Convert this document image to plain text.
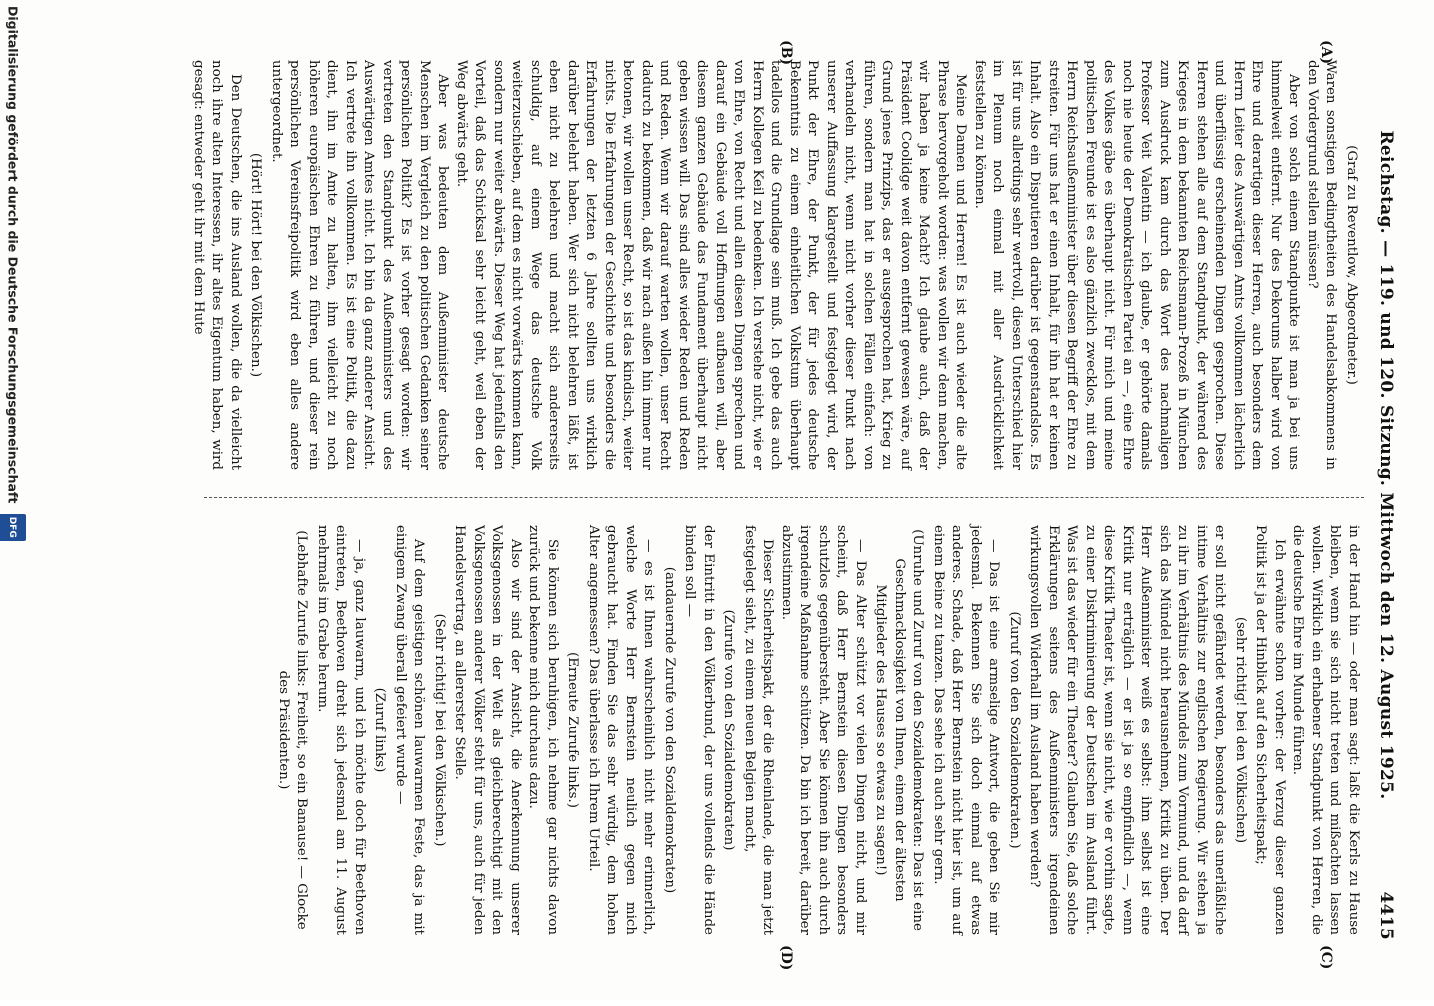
Reichstag. — 119. und 120. Sitzung. Mittwoch den 12. August 1925.
4415
(A)
(B)
(C)
(D)

(Graf zu Reventlow, Abgeordneter.)

Waren sonstigen Bedingtheiten des Handelsabkommens in den Vordergrund stellen müssen?

Aber von solch einem Standpunkte ist man ja bei uns himmelweit entfernt. Nur des Dekorums halber wird von Ehre und derartigen dieser Herren, auch besonders dem Herrn Leiter des Auswärtigen Amts vollkommen lächerlich und überflüssig erscheinenden Dingen gesprochen. Diese Herren stehen alle auf dem Standpunkt, der während des Krieges in dem bekannten Reichsmann-Prozeß in München zum Ausdruck kam durch das Wort des nachmaligen Professor Veit Valentin — ich glaube, er gehörte damals noch nie heute der Demokratischen Partei an —, eine Ehre des Volkes gäbe es überhaupt nicht. Für mich und meine politischen Freunde ist es also gänzlich zwecklos, mit dem Herrn Reichsaußenminister über diesen Begriff der Ehre zu streiten. Für uns hat er einen Inhalt, für ihn hat er keinen Inhalt. Also ein Disputieren darüber ist gegenstandslos. Es ist für uns allerdings sehr wertvoll, diesen Unterschied hier im Plenum noch einmal mit aller Ausdrücklichkeit feststellen zu können.

Meine Damen und Herren! Es ist auch wieder die alte Phrase hervorgeholt worden: was wollen wir denn machen, wir haben ja keine Macht? Ich glaube auch, daß der Präsident Coolidge weit davon entfernt gewesen wäre, auf Grund jenes Prinzips, das er ausgesprochen hat, Krieg zu führen, sondern man hat in solchen Fällen einfach: von verhandeln nicht, wenn nicht vorher dieser Punkt nach unserer Auffassung klargestellt und festgelegt wird, der Punkt der Ehre, der Punkt, der für jedes deutsche Bekenntnis zu einem einheitlichen Volkstum überhaupt tadellos und die Grundlage sein muß. Ich gebe das auch Herrn Kollegen Keil zu bedenken. Ich verstehe nicht, wie er von Ehre, von Recht und allen diesen Dingen sprechen und darauf ein Gebäude voll Hoffnungen aufbauen will, aber diesem ganzen Gebäude das Fundament überhaupt nicht geben wissen will. Das sind alles wieder Reden und Reden und Reden. Wenn wir darauf warten wollen, unser Recht dadurch zu bekommen, daß wir nach außen hin immer nur betonen, wir wollen unser Recht, so ist das kindisch, weiter nichts. Die Erfahrungen der Geschichte und besonders die Erfahrungen der letzten 6 Jahre sollten uns wirklich darüber belehrt haben. Wer sich nicht belehren läßt, ist eben nicht zu belehren und macht sich andererseits schuldig, auf einem Wege das deutsche Volk weiterzuschieben, auf dem es nicht vorwärts kommen kann, sondern nur weiter abwärts. Dieser Weg hat jedenfalls den Vorteil, daß das Schicksal sehr leicht geht, weil eben der Weg abwärts geht.

Aber was bedeuten dem Außenminister deutsche Menschen im Vergleich zu den politischen Gedanken seiner persönlichen Politik? Es ist vorher gesagt worden: wir vertreten den Standpunkt des Außenministers und des Auswärtigen Amtes nicht. Ich bin da ganz anderer Ansicht. Ich vertrete ihn vollkommen. Es ist eine Politik, die dazu dient, ihn im Amte zu halten, ihm vielleicht zu noch höheren europäischen Ehren zu führen, und dieser rein persönlichen Vereinsfreipolitik wird eben alles andere untergeordnet.

(Hört! Hört! bei den Völkischen.)

Den Deutschen, die ins Ausland wollen, die da vielleicht noch ihre alten Interessen, ihr altes Eigentum haben, wird gesagt: entweder geht ihr mit dem Hute

in der Hand hin — oder man sagt: laßt die Kerls zu Hause bleiben, wenn sie sich nicht treten und mißachten lassen wollen. Wirklich ein erhabener Standpunkt von Herren, die die deutsche Ehre im Munde führen.

Ich erwähnte schon vorher: der Verzug dieser ganzen Politik ist ja der Hinblick auf den Sicherheitspakt;

(sehr richtig! bei den Völkischen)

er soll nicht gefährdet werden, besonders das unerläßliche intime Verhältnis zur englischen Regierung. Wir stehen ja zu ihr im Verhältnis des Mündels zum Vormund, und da darf sich das Mündel nicht herausnehmen, Kritik zu üben. Der Herr Außenminister weiß es selbst: ihm selbst ist eine Kritik nur erträglich — er ist ja so empfindlich —, wenn diese Kritik Theater ist, wenn sie nicht, wie er vorhin sagte, zu einer Diskriminierung der Deutschen im Ausland führt. Was ist das wieder für ein Theater? Glauben Sie, daß solche Erklärungen seitens des Außenministers irgendeinen wirkungsvollen Widerhall im Ausland haben werden?

(Zuruf von den Sozialdemokraten.)

— Das ist eine armselige Antwort, die geben Sie mir jedesmal. Bekennen Sie sich doch einmal auf etwas anderes. Schade, daß Herr Bernstein nicht hier ist, um auf einem Beine zu tanzen. Das sehe ich auch sehr gern.

(Unruhe und Zuruf von den Sozialdemokraten: Das ist eine Geschmacklosigkeit von Ihnen, einem der ältesten Mitglieder des Hauses so etwas zu sagen!)

— Das Alter schützt vor vielen Dingen nicht, und mir scheint, daß Herr Bernstein diesen Dingen besonders schutzlos gegenübersteht. Aber Sie können ihn auch durch irgendeine Maßnahme schützen. Da bin ich bereit, darüber abzustimmen.

Dieser Sicherheitspakt, der die Rheinlande, die man jetzt festgelegt sieht, zu einem neuen Belgien macht,

(Zurufe von den Sozialdemokraten)

der Eintritt in den Völkerbund, der uns vollends die Hände binden soll —

(andauernde Zurufe von den Sozialdemokraten)

— es ist Ihnen wahrscheinlich nicht mehr erinnerlich, welche Worte Herr Bernstein neulich gegen mich gebraucht hat. Finden Sie das sehr würdig, dem hohen Alter angemessen? Das überlasse ich Ihrem Urteil.

(Erneute Zurufe links.)

Sie können sich beruhigen, ich nehme gar nichts davon zurück und bekenne mich durchaus dazu.

Also wir sind der Ansicht, die Anerkennung unserer Volksgenossen in der Welt als gleichberechtigt mit den Volksgenossen anderer Völker steht für uns, auch für jeden Handelsvertrag, an allererster Stelle.

(Sehr richtig! bei den Völkischen.)

Auf dem geistigen schönen lauwarmen Feste, das ja mit einigem Zwang überall gefeiert wurde —

(Zuruf links)

— ja, ganz lauwarm, und ich möchte doch für Beethoven eintreten, Beethoven dreht sich jedesmal am 11. August mehrmals im Grabe herum.

(Lebhafte Zurufe links: Freiheit, so ein Banause! — Glocke des Präsidenten.)

Digitalisierung gefördert durch die Deutsche Forschungsgemeinschaft DFG
